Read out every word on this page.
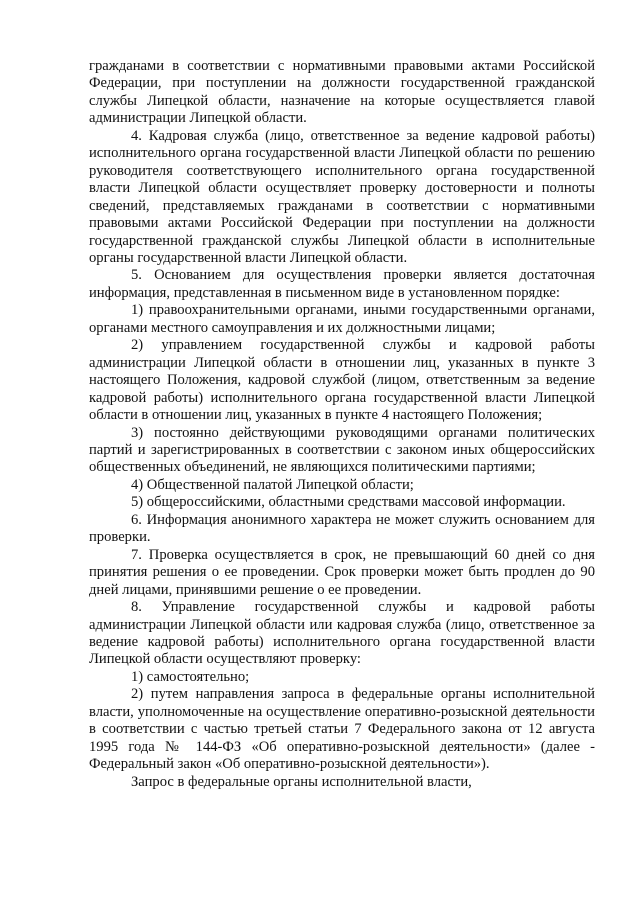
гражданами в соответствии с нормативными правовыми актами Российской Федерации, при поступлении на должности государственной гражданской службы Липецкой области, назначение на которые осуществляется главой администрации Липецкой области.

4. Кадровая служба (лицо, ответственное за ведение кадровой работы) исполнительного органа государственной власти Липецкой области по решению руководителя соответствующего исполнительного органа государственной власти Липецкой области осуществляет проверку достоверности и полноты сведений, представляемых гражданами в соответствии с нормативными правовыми актами Российской Федерации при поступлении на должности государственной гражданской службы Липецкой области в исполнительные органы государственной власти Липецкой области.

5. Основанием для осуществления проверки является достаточная информация, представленная в письменном виде в установленном порядке:

1) правоохранительными органами, иными государственными органами, органами местного самоуправления и их должностными лицами;

2) управлением государственной службы и кадровой работы администрации Липецкой области в отношении лиц, указанных в пункте 3 настоящего Положения, кадровой службой (лицом, ответственным за ведение кадровой работы) исполнительного органа государственной власти Липецкой области в отношении лиц, указанных в пункте 4 настоящего Положения;

3) постоянно действующими руководящими органами политических партий и зарегистрированных в соответствии с законом иных общероссийских общественных объединений, не являющихся политическими партиями;

4) Общественной палатой Липецкой области;

5) общероссийскими, областными средствами массовой информации.

6. Информация анонимного характера не может служить основанием для проверки.

7. Проверка осуществляется в срок, не превышающий 60 дней со дня принятия решения о ее проведении. Срок проверки может быть продлен до 90 дней лицами, принявшими решение о ее проведении.

8. Управление государственной службы и кадровой работы администрации Липецкой области или кадровая служба (лицо, ответственное за ведение кадровой работы) исполнительного органа государственной власти Липецкой области осуществляют проверку:

1) самостоятельно;

2) путем направления запроса в федеральные органы исполнительной власти, уполномоченные на осуществление оперативно-розыскной деятельности в соответствии с частью третьей статьи 7 Федерального закона от 12 августа 1995 года № 144-ФЗ «Об оперативно-розыскной деятельности» (далее - Федеральный закон «Об оперативно-розыскной деятельности»).

Запрос в федеральные органы исполнительной власти,
